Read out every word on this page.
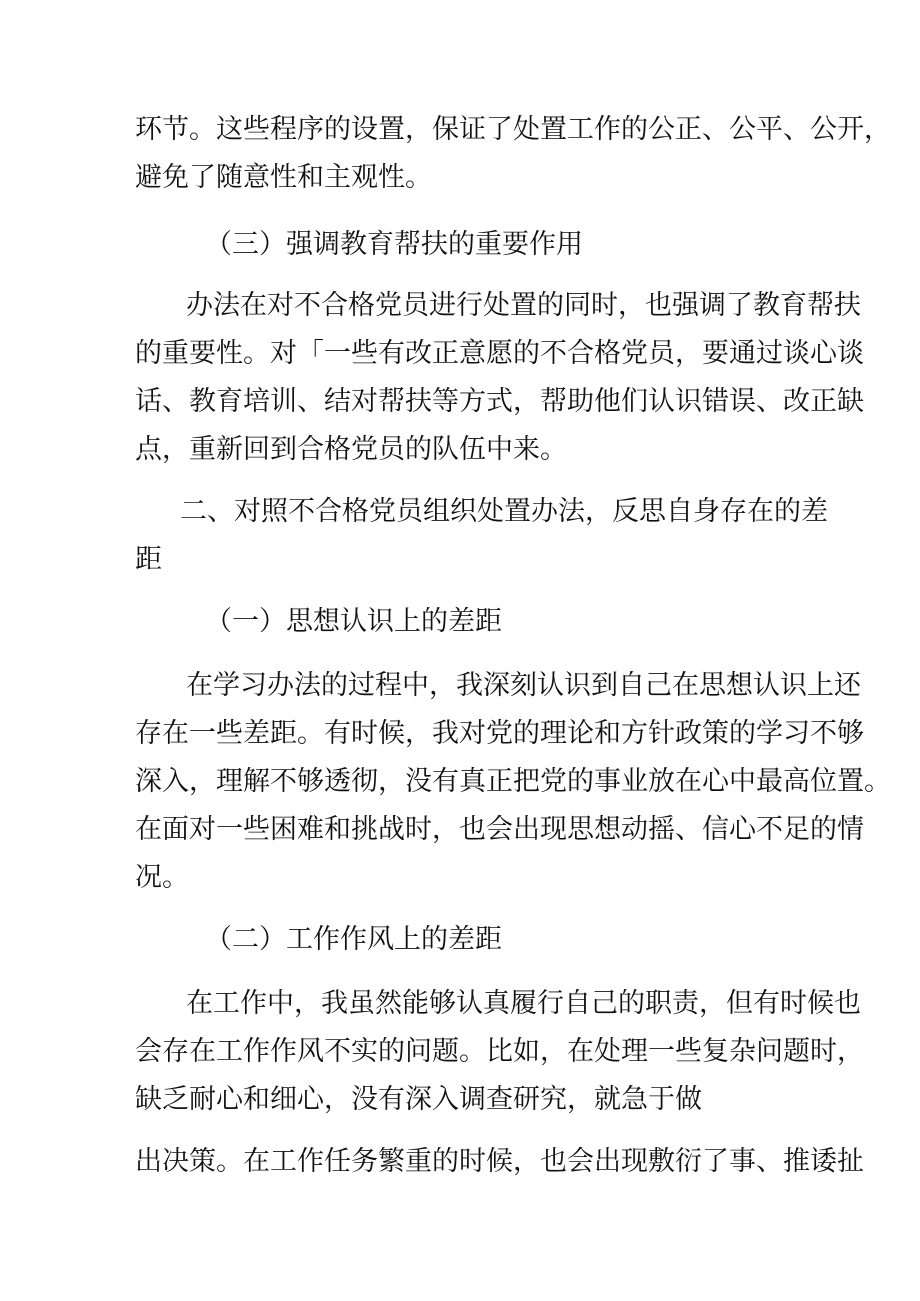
环节。这些程序的设置，保证了处置工作的公正、公平、公开，
避免了随意性和主观性。
（三）强调教育帮扶的重要作用
办法在对不合格党员进行处置的同时，也强调了教育帮扶
的重要性。对「一些有改正意愿的不合格党员，要通过谈心谈
话、教育培训、结对帮扶等方式，帮助他们认识错误、改正缺
点，重新回到合格党员的队伍中来。
二、对照不合格党员组织处置办法，反思自身存在的差
距
（一）思想认识上的差距
在学习办法的过程中，我深刻认识到自己在思想认识上还
存在一些差距。有时候，我对党的理论和方针政策的学习不够
深入，理解不够透彻，没有真正把党的事业放在心中最高位置。
在面对一些困难和挑战时，也会出现思想动摇、信心不足的情
况。
（二）工作作风上的差距
在工作中，我虽然能够认真履行自己的职责，但有时候也
会存在工作作风不实的问题。比如，在处理一些复杂问题时，
缺乏耐心和细心，没有深入调查研究，就急于做
出决策。在工作任务繁重的时候，也会出现敷衍了事、推诿扯
